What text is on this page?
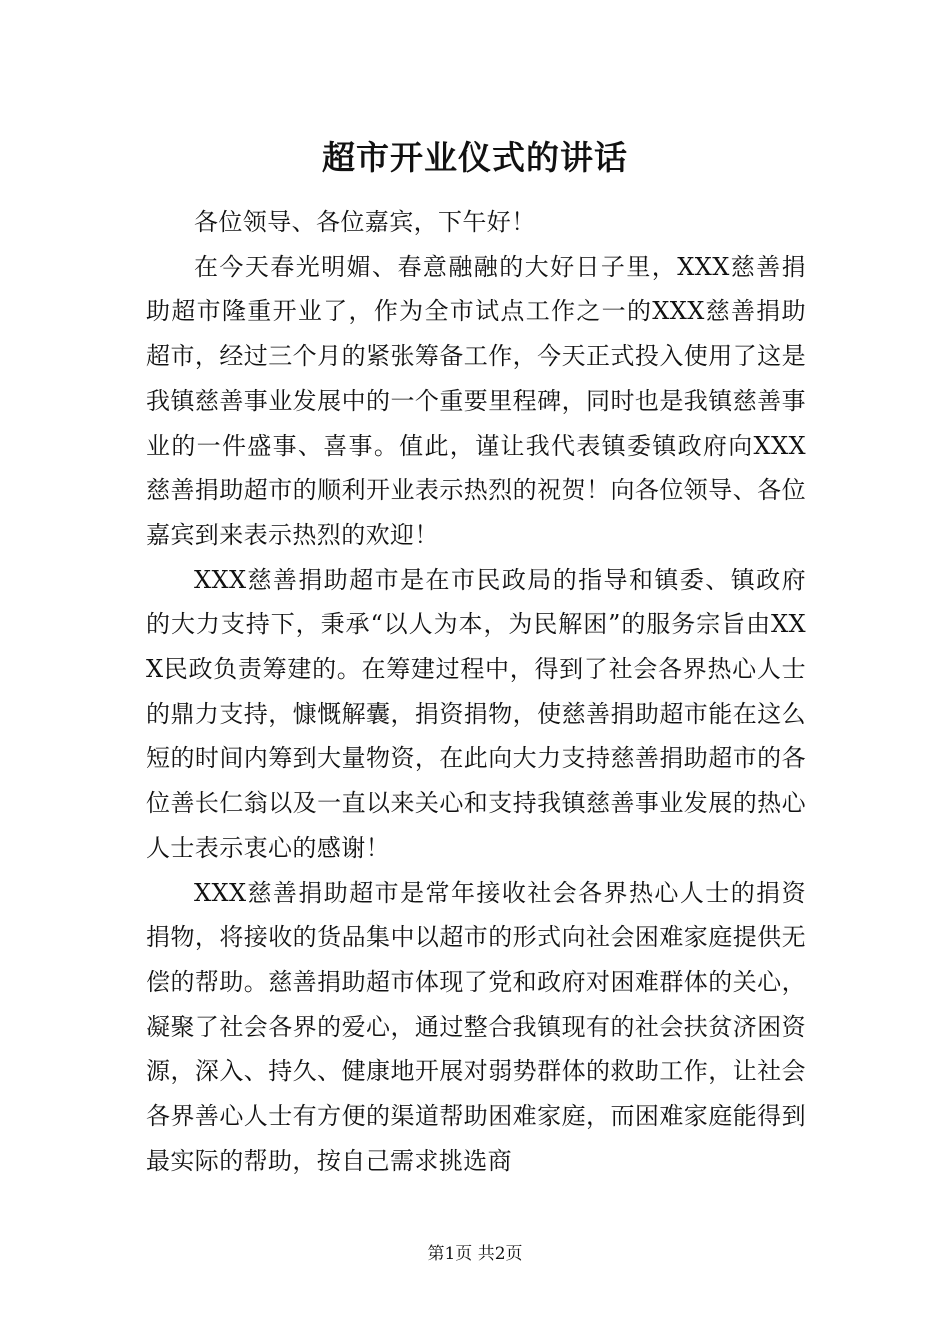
超市开业仪式的讲话

各位领导、各位嘉宾，下午好！

在今天春光明媚、春意融融的大好日子里，XXX慈善捐助超市隆重开业了，作为全市试点工作之一的XXX慈善捐助超市，经过三个月的紧张筹备工作，今天正式投入使用了这是我镇慈善事业发展中的一个重要里程碑，同时也是我镇慈善事业的一件盛事、喜事。值此，谨让我代表镇委镇政府向XXX慈善捐助超市的顺利开业表示热烈的祝贺！向各位领导、各位嘉宾到来表示热烈的欢迎！

XXX慈善捐助超市是在市民政局的指导和镇委、镇政府的大力支持下，秉承“以人为本，为民解困”的服务宗旨由XXX民政负责筹建的。在筹建过程中，得到了社会各界热心人士的鼎力支持，慷慨解囊，捐资捐物，使慈善捐助超市能在这么短的时间内筹到大量物资，在此向大力支持慈善捐助超市的各位善长仁翁以及一直以来关心和支持我镇慈善事业发展的热心人士表示衷心的感谢！

XXX慈善捐助超市是常年接收社会各界热心人士的捐资捐物，将接收的货品集中以超市的形式向社会困难家庭提供无偿的帮助。慈善捐助超市体现了党和政府对困难群体的关心，凝聚了社会各界的爱心，通过整合我镇现有的社会扶贫济困资源，深入、持久、健康地开展对弱势群体的救助工作，让社会各界善心人士有方便的渠道帮助困难家庭，而困难家庭能得到最实际的帮助，按自己需求挑选商

第1页 共2页
